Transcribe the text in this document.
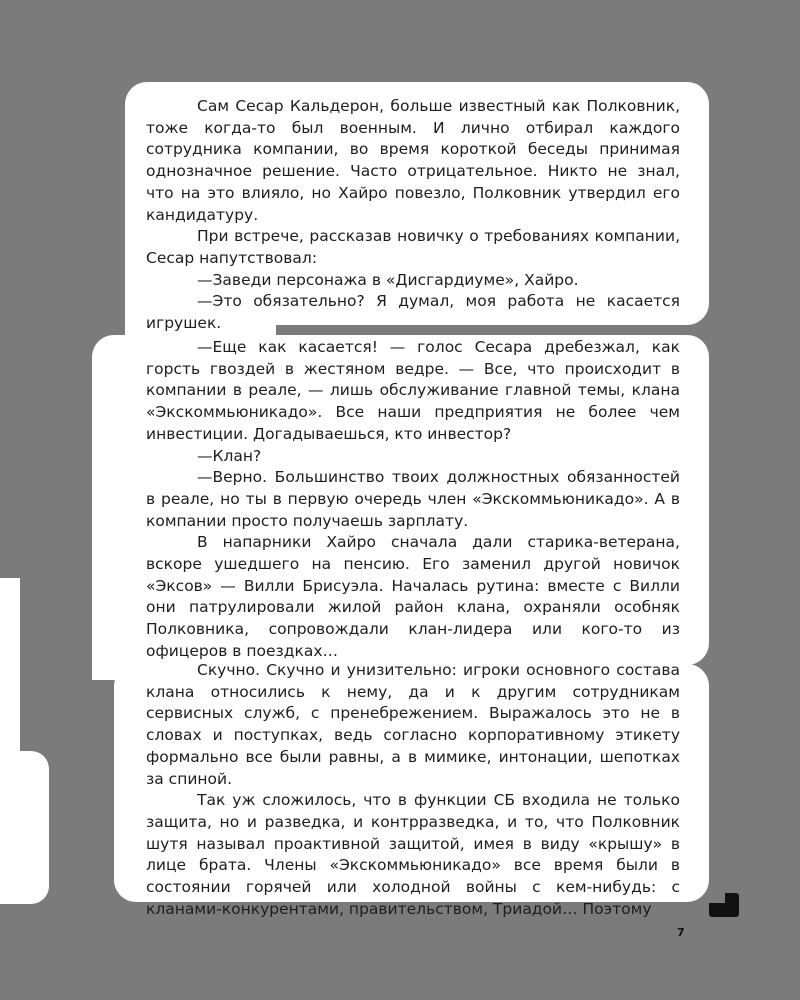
Сам Сесар Кальдерон, больше известный как Полковник, тоже когда-то был военным. И лично отбирал каждого сотрудника компании, во время короткой беседы принимая однозначное решение. Часто отрицательное. Никто не знал, что на это влияло, но Хайро повезло, Полковник утвердил его кандидатуру.

При встрече, рассказав новичку о требованиях компании, Сесар напутствовал:

—Заведи персонажа в «Дисгардиуме», Хайро.

—Это обязательно? Я думал, моя работа не касается игрушек.

—Еще как касается! — голос Сесара дребезжал, как горсть гвоздей в жестяном ведре. — Все, что происходит в компании в реале, — лишь обслуживание главной темы, клана «Экскоммьюникадо». Все наши предприятия не более чем инвестиции. Догадываешься, кто инвестор?

—Клан?

—Верно. Большинство твоих должностных обязанностей в реале, но ты в первую очередь член «Экскоммьюникадо». А в компании просто получаешь зарплату.

В напарники Хайро сначала дали старика-ветерана, вскоре ушедшего на пенсию. Его заменил другой новичок «Эксов» — Вилли Брисуэла. Началась рутина: вместе с Вилли они патрулировали жилой район клана, охраняли особняк Полковника, сопровождали клан-лидера или кого-то из офицеров в поездках…

Скучно. Скучно и унизительно: игроки основного состава клана относились к нему, да и к другим сотрудникам сервисных служб, с пренебрежением. Выражалось это не в словах и поступках, ведь согласно корпоративному этикету формально все были равны, а в мимике, интонации, шепотках за спиной.

Так уж сложилось, что в функции СБ входила не только защита, но и разведка, и контрразведка, и то, что Полковник шутя называл проактивной защитой, имея в виду «крышу» в лице брата. Члены «Экскоммьюникадо» все время были в состоянии горячей или холодной войны с кем-нибудь: с кланами-конкурентами, правительством, Триадой… Поэтому

7
